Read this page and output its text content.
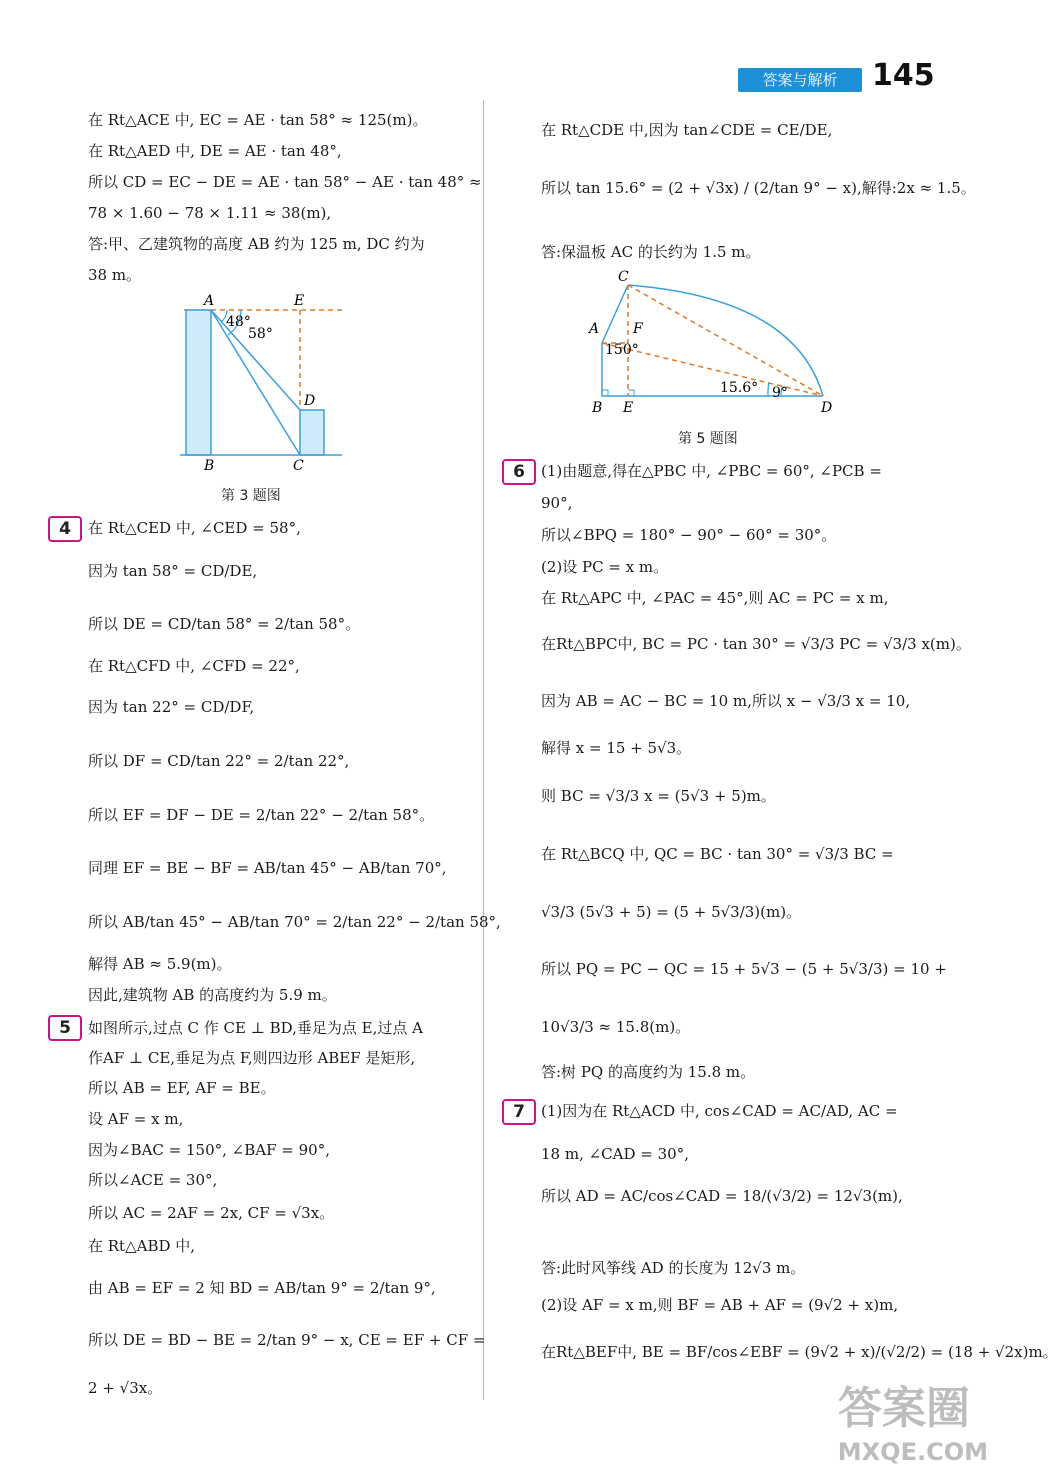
答案与解析	145
在 Rt△ACE 中, EC = AE · tan 58° ≈ 125(m)。
在 Rt△AED 中, DE = AE · tan 48°,
所以 CD = EC − DE = AE · tan 58° − AE · tan 48° ≈
78 × 1.60 − 78 × 1.11 ≈ 38(m),
答:甲、乙建筑物的高度 AB 约为 125 m, DC 约为
38 m。
A	E
B	C
D
48°
58°
第 3 题图
4	在 Rt△CED 中, ∠CED = 58°,
因为 tan 58° = CD/DE,
所以 DE = CD/tan 58° = 2/tan 58°。
在 Rt△CFD 中, ∠CFD = 22°,
因为 tan 22° = CD/DF,
所以 DF = CD/tan 22° = 2/tan 22°,
所以 EF = DF − DE = 2/tan 22° − 2/tan 58°。
同理 EF = BE − BF = AB/tan 45° − AB/tan 70°,
所以 AB/tan 45° − AB/tan 70° = 2/tan 22° − 2/tan 58°,
解得 AB ≈ 5.9(m)。
因此,建筑物 AB 的高度约为 5.9 m。
5	如图所示,过点 C 作 CE ⊥ BD,垂足为点 E,过点 A
作AF ⊥ CE,垂足为点 F,则四边形 ABEF 是矩形,
所以 AB = EF, AF = BE。
设 AF = x m,
因为∠BAC = 150°, ∠BAF = 90°,
所以∠ACE = 30°,
所以 AC = 2AF = 2x, CF = √3x。
在 Rt△ABD 中,
由 AB = EF = 2 知 BD = AB/tan 9° = 2/tan 9°,
所以 DE = BD − BE = 2/tan 9° − x, CE = EF + CF =
2 + √3x。
在 Rt△CDE 中,因为 tan∠CDE = CE/DE,
所以 tan 15.6° = (2 + √3x) / (2/tan 9° − x),解得:2x ≈ 1.5。
答:保温板 AC 的长约为 1.5 m。
C
A F
B E	D
150°
15.6° 9°
第 5 题图
6	(1)由题意,得在△PBC 中, ∠PBC = 60°, ∠PCB =
90°,
所以∠BPQ = 180° − 90° − 60° = 30°。
(2)设 PC = x m。
在 Rt△APC 中, ∠PAC = 45°,则 AC = PC = x m,
在Rt△BPC中, BC = PC · tan 30° = √3/3 PC = √3/3 x(m)。
因为 AB = AC − BC = 10 m,所以 x − √3/3 x = 10,
解得 x = 15 + 5√3。
则 BC = √3/3 x = (5√3 + 5)m。
在 Rt△BCQ 中, QC = BC · tan 30° = √3/3 BC =
√3/3 (5√3 + 5) = (5 + 5√3/3)(m)。
所以 PQ = PC − QC = 15 + 5√3 − (5 + 5√3/3) = 10 +
10√3/3 ≈ 15.8(m)。
答:树 PQ 的高度约为 15.8 m。
7	(1)因为在 Rt△ACD 中, cos∠CAD = AC/AD, AC =
18 m, ∠CAD = 30°,
所以 AD = AC/cos∠CAD = 18/(√3/2) = 12√3(m),
答:此时风筝线 AD 的长度为 12√3 m。
(2)设 AF = x m,则 BF = AB + AF = (9√2 + x)m,
在Rt△BEF中, BE = BF/cos∠EBF = (9√2 + x)/(√2/2) = (18 + √2x)m。
答案圈
MXQE.COM
